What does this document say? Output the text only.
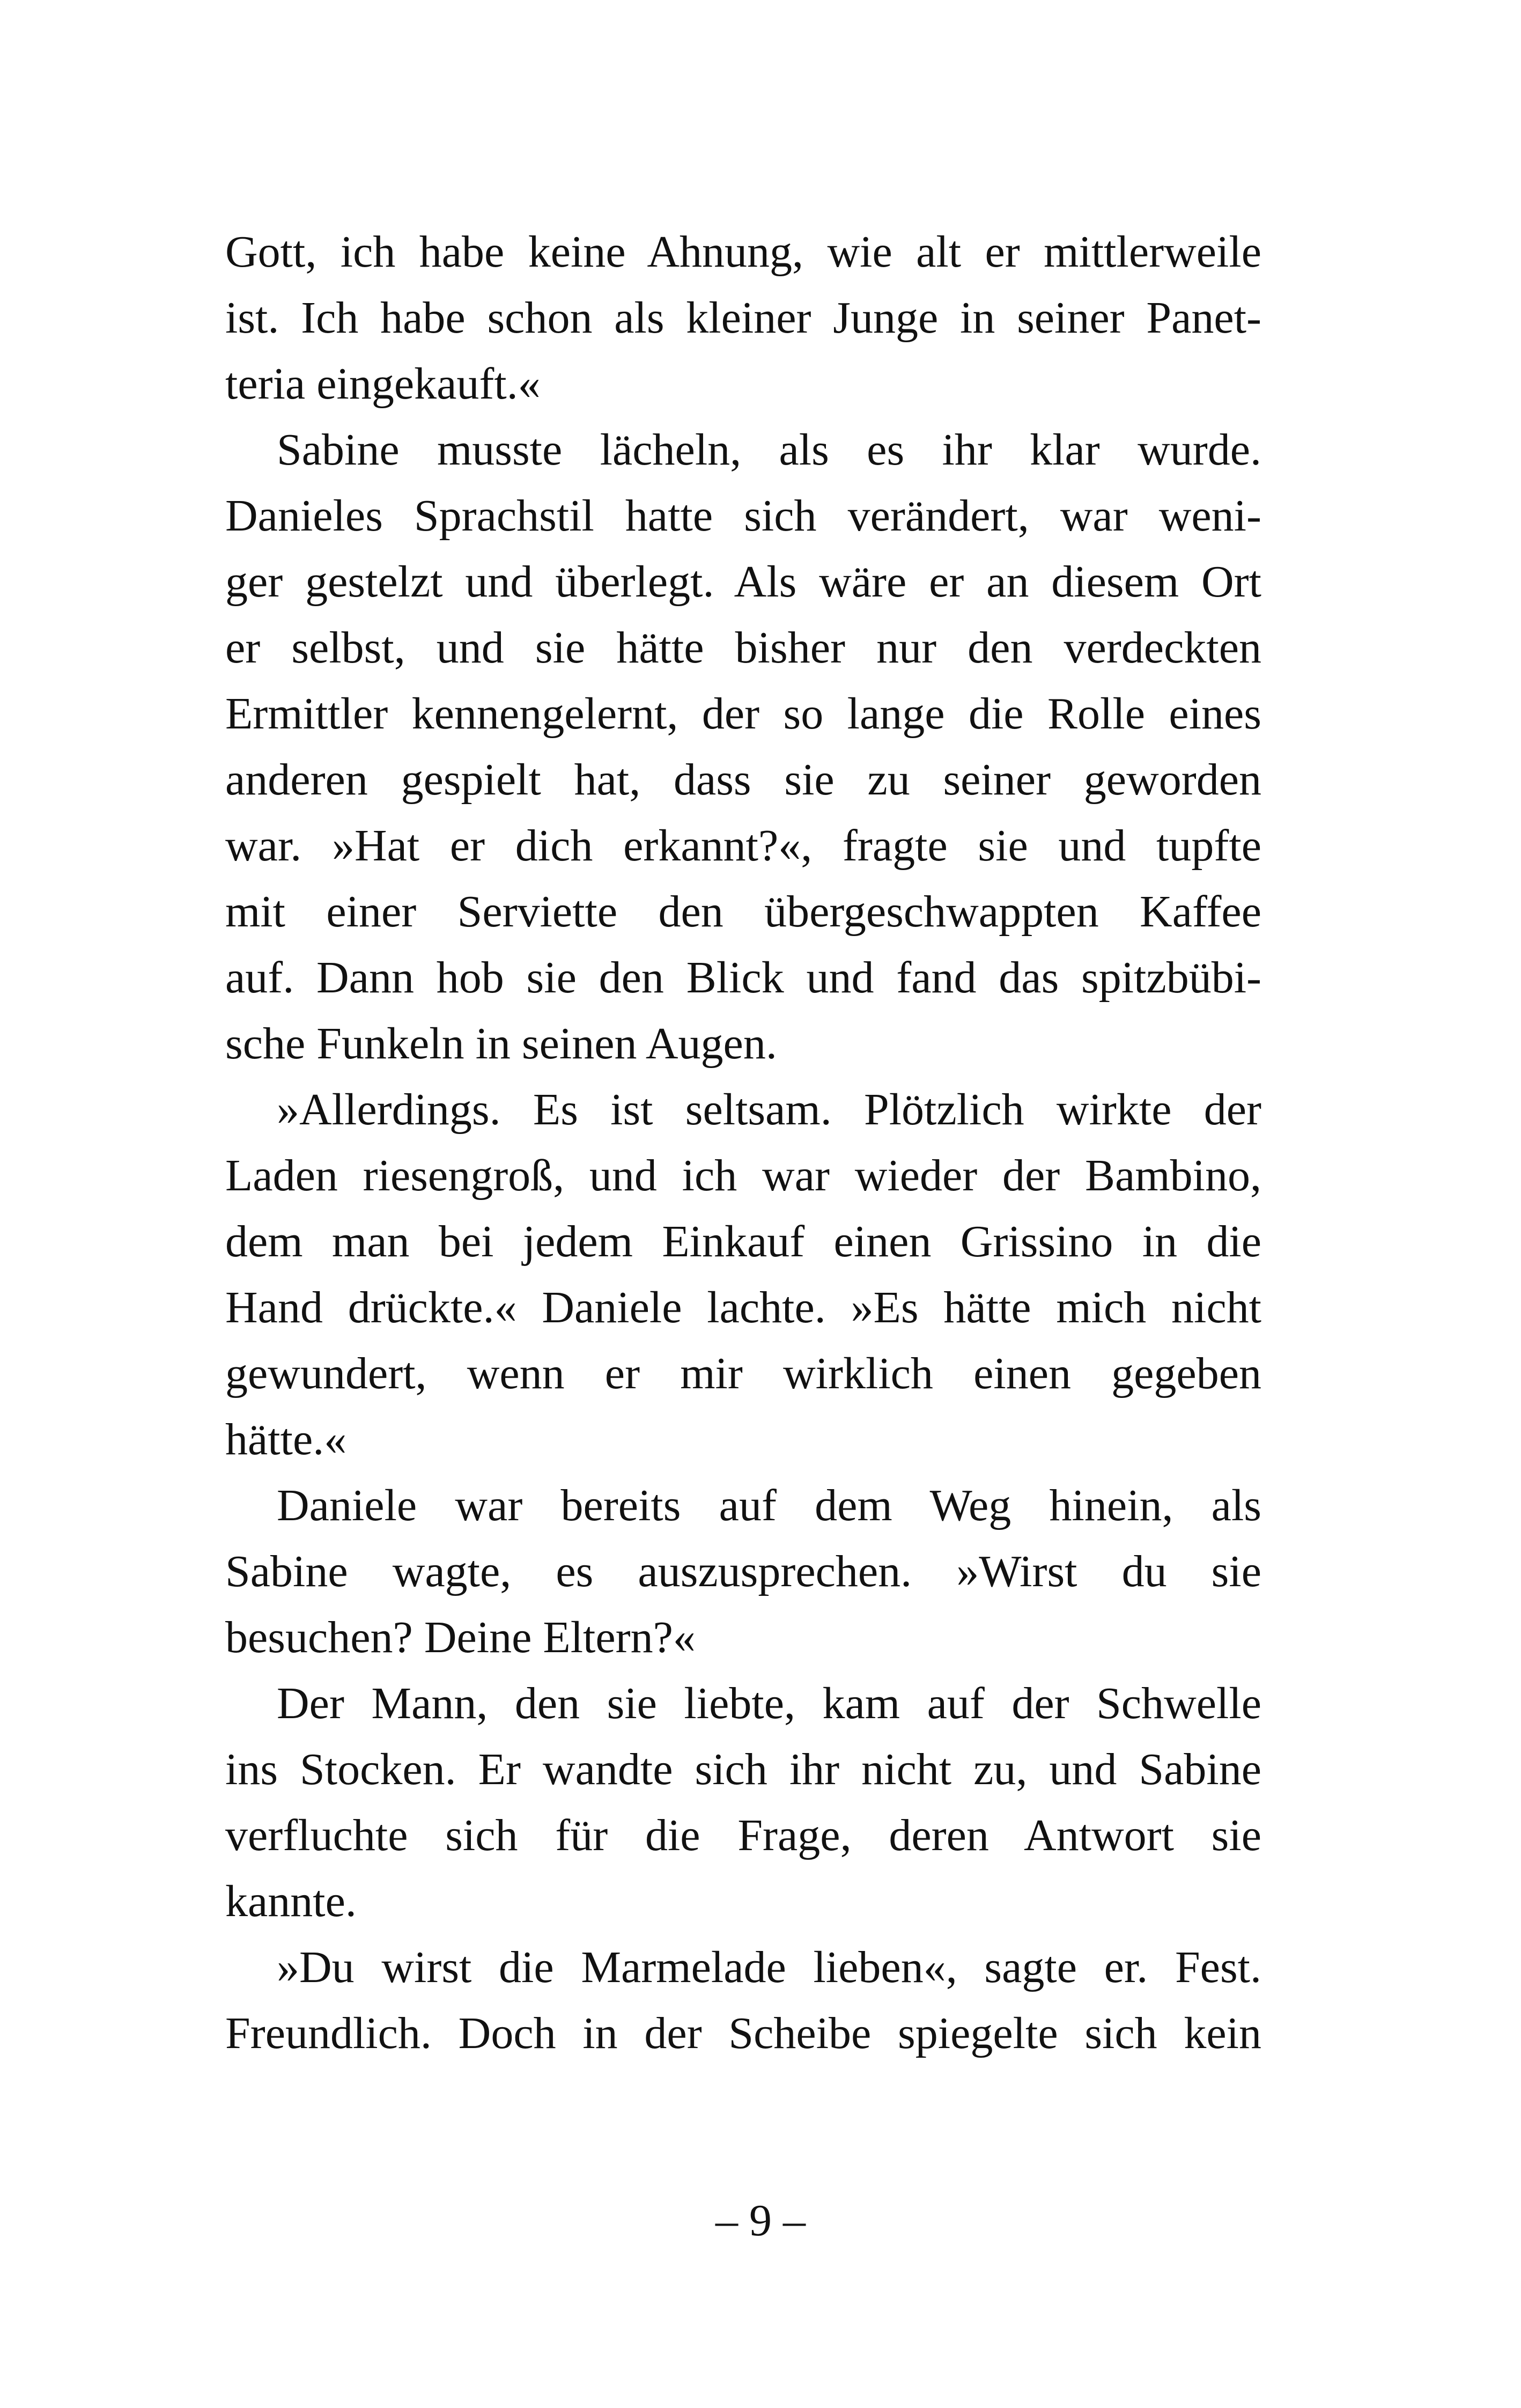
Gott, ich habe keine Ahnung, wie alt er mittlerweile
ist. Ich habe schon als kleiner Junge in seiner Panet-
teria eingekauft.«
Sabine musste lächeln, als es ihr klar wurde.
Danieles Sprachstil hatte sich verändert, war weni-
ger gestelzt und überlegt. Als wäre er an diesem Ort
er selbst, und sie hätte bisher nur den verdeckten
Ermittler kennengelernt, der so lange die Rolle eines
anderen gespielt hat, dass sie zu seiner geworden
war. »Hat er dich erkannt?«, fragte sie und tupfte
mit einer Serviette den übergeschwappten Kaffee
auf. Dann hob sie den Blick und fand das spitzbübi-
sche Funkeln in seinen Augen.
»Allerdings. Es ist seltsam. Plötzlich wirkte der
Laden riesengroß, und ich war wieder der Bambino,
dem man bei jedem Einkauf einen Grissino in die
Hand drückte.« Daniele lachte. »Es hätte mich nicht
gewundert, wenn er mir wirklich einen gegeben
hätte.«
Daniele war bereits auf dem Weg hinein, als
Sabine wagte, es auszusprechen. »Wirst du sie
besuchen? Deine Eltern?«
Der Mann, den sie liebte, kam auf der Schwelle
ins Stocken. Er wandte sich ihr nicht zu, und Sabine
verfluchte sich für die Frage, deren Antwort sie
kannte.
»Du wirst die Marmelade lieben«, sagte er. Fest.
Freundlich. Doch in der Scheibe spiegelte sich kein
– 9 –
